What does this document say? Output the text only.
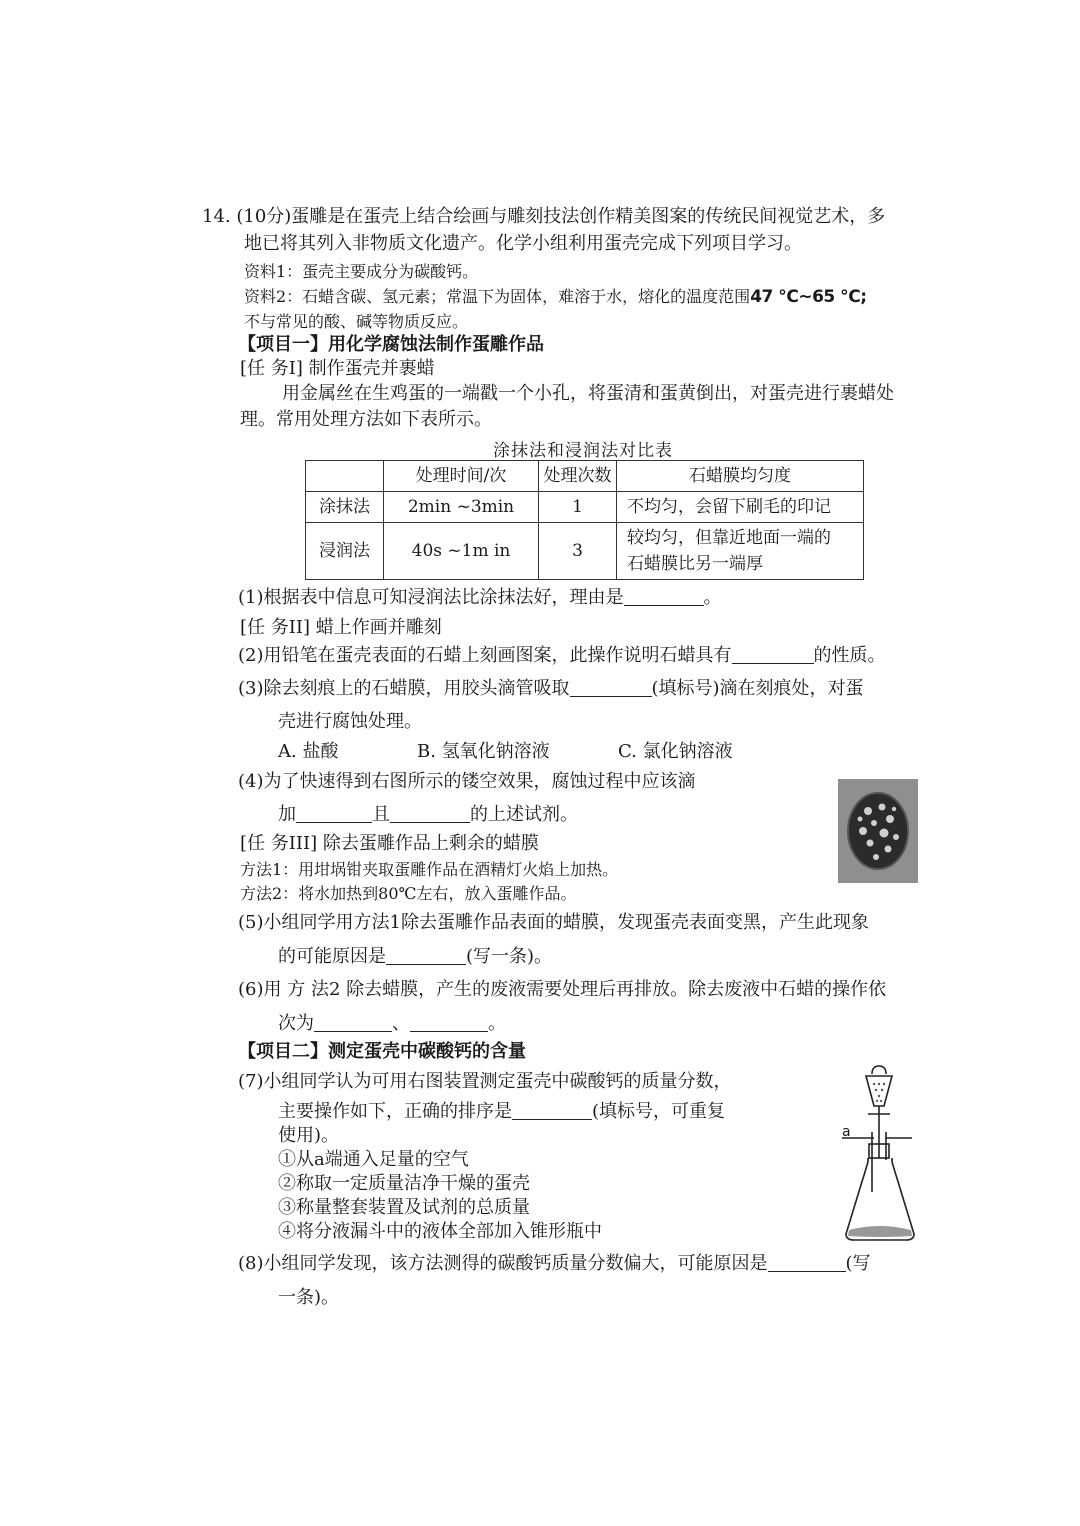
14. (10分)蛋雕是在蛋壳上结合绘画与雕刻技法创作精美图案的传统民间视觉艺术，多
地已将其列入非物质文化遗产。化学小组利用蛋壳完成下列项目学习。
资料1：蛋壳主要成分为碳酸钙。
资料2：石蜡含碳、氢元素；常温下为固体，难溶于水，熔化的温度范围47 ℃~65 ℃;
不与常见的酸、碱等物质反应。
【项目一】用化学腐蚀法制作蛋雕作品
[任 务I] 制作蛋壳并裹蜡
用金属丝在生鸡蛋的一端戳一个小孔，将蛋清和蛋黄倒出，对蛋壳进行裹蜡处
理。常用处理方法如下表所示。
涂抹法和浸润法对比表
	处理时间/次	处理次数	石蜡膜均匀度
涂抹法	2min ~3min	1	不均匀，会留下刷毛的印记
浸润法	40s ~1m in	3	较均匀，但靠近地面一端的
石蜡膜比另一端厚
(1)根据表中信息可知浸润法比涂抹法好，理由是	。
[任 务II] 蜡上作画并雕刻
(2)用铅笔在蛋壳表面的石蜡上刻画图案，此操作说明石蜡具有	的性质。
(3)除去刻痕上的石蜡膜，用胶头滴管吸取	(填标号)滴在刻痕处，对蛋
壳进行腐蚀处理。
A. 盐酸	B. 氢氧化钠溶液	C. 氯化钠溶液
(4)为了快速得到右图所示的镂空效果，腐蚀过程中应该滴
加	且	的上述试剂。
[任 务III] 除去蛋雕作品上剩余的蜡膜
方法1：用坩埚钳夹取蛋雕作品在酒精灯火焰上加热。
方法2：将水加热到80℃左右，放入蛋雕作品。
(5)小组同学用方法1除去蛋雕作品表面的蜡膜，发现蛋壳表面变黑，产生此现象
的可能原因是	(写一条)。
(6)用 方 法2 除去蜡膜，产生的废液需要处理后再排放。除去废液中石蜡的操作依
次为	、	。
【项目二】测定蛋壳中碳酸钙的含量
(7)小组同学认为可用右图装置测定蛋壳中碳酸钙的质量分数，
主要操作如下，正确的排序是	(填标号，可重复
使用)。
①从a端通入足量的空气
②称取一定质量洁净干燥的蛋壳
③称量整套装置及试剂的总质量
④将分液漏斗中的液体全部加入锥形瓶中
a
(8)小组同学发现，该方法测得的碳酸钙质量分数偏大，可能原因是	(写
一条)。
